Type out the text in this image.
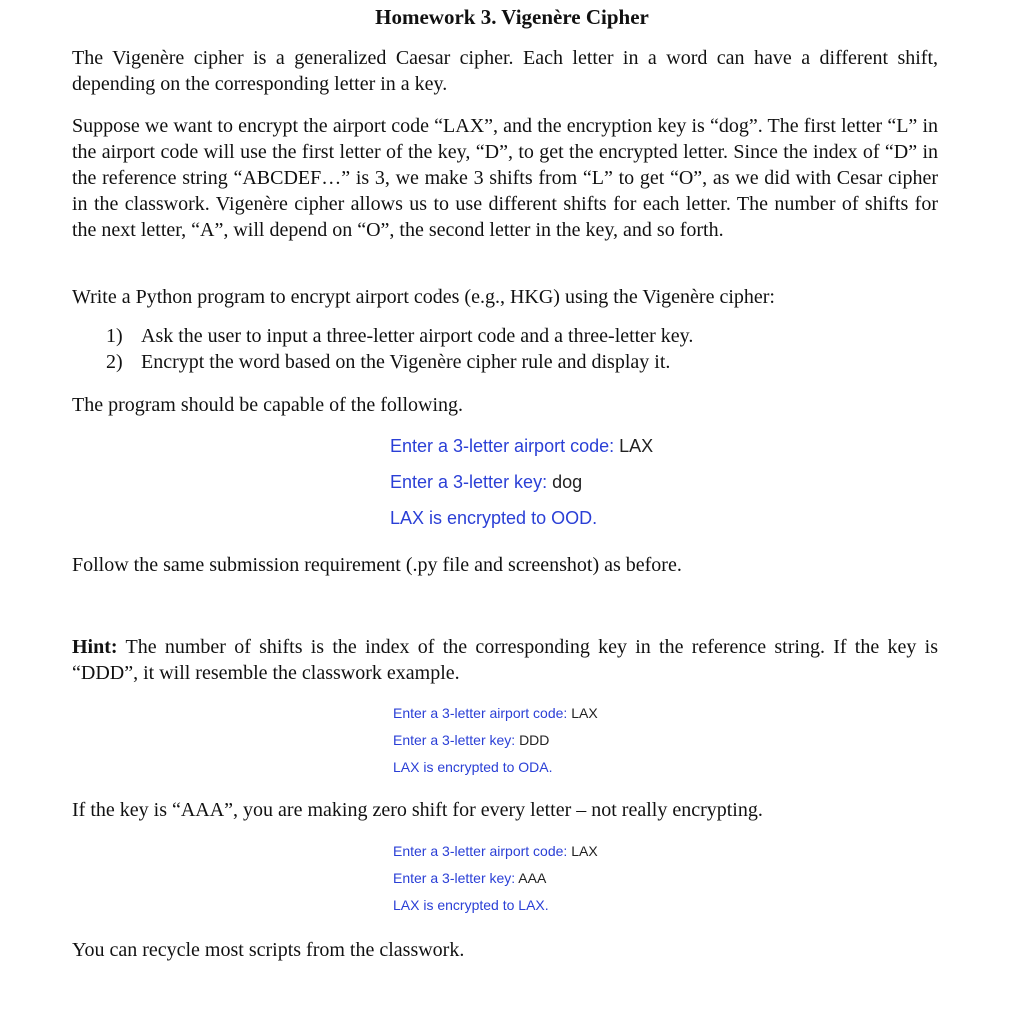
Homework 3. Vigenère Cipher

The Vigenère cipher is a generalized Caesar cipher. Each letter in a word can have a different shift, depending on the corresponding letter in a key.

Suppose we want to encrypt the airport code “LAX”, and the encryption key is “dog”. The first letter “L” in the airport code will use the first letter of the key, “D”, to get the encrypted letter. Since the index of “D” in the reference string “ABCDEF…” is 3, we make 3 shifts from “L” to get “O”, as we did with Cesar cipher in the classwork. Vigenère cipher allows us to use different shifts for each letter. The number of shifts for the next letter, “A”, will depend on “O”, the second letter in the key, and so forth.

Write a Python program to encrypt airport codes (e.g., HKG) using the Vigenère cipher:

1) Ask the user to input a three-letter airport code and a three-letter key.
2) Encrypt the word based on the Vigenère cipher rule and display it.

The program should be capable of the following.

Enter a 3-letter airport code: LAX
Enter a 3-letter key: dog
LAX is encrypted to OOD.

Follow the same submission requirement (.py file and screenshot) as before.

Hint: The number of shifts is the index of the corresponding key in the reference string. If the key is “DDD”, it will resemble the classwork example.

Enter a 3-letter airport code: LAX
Enter a 3-letter key: DDD
LAX is encrypted to ODA.

If the key is “AAA”, you are making zero shift for every letter – not really encrypting.

Enter a 3-letter airport code: LAX
Enter a 3-letter key: AAA
LAX is encrypted to LAX.

You can recycle most scripts from the classwork.
